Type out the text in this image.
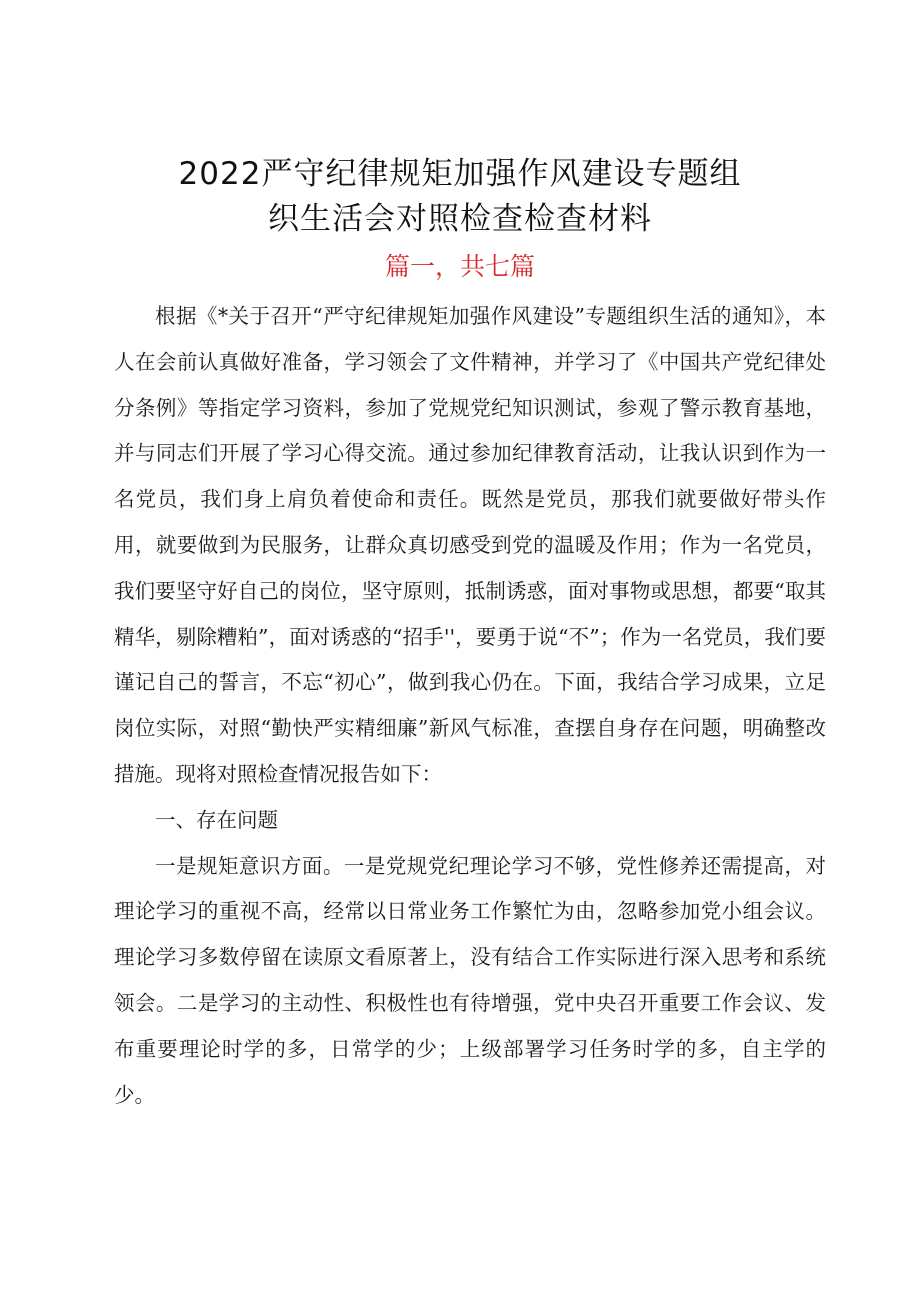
2022严守纪律规矩加强作风建设专题组
织生活会对照检查检查材料
篇一，共七篇

根据《*关于召开“严守纪律规矩加强作风建设”专题组织生活的通知》，本人在会前认真做好准备，学习领会了文件精神，并学习了《中国共产党纪律处分条例》等指定学习资料，参加了党规党纪知识测试，参观了警示教育基地，并与同志们开展了学习心得交流。通过参加纪律教育活动，让我认识到作为一名党员，我们身上肩负着使命和责任。既然是党员，那我们就要做好带头作用，就要做到为民服务，让群众真切感受到党的温暖及作用；作为一名党员，我们要坚守好自己的岗位，坚守原则，抵制诱惑，面对事物或思想，都要“取其精华，剔除糟粕”，面对诱惑的“招手''，要勇于说“不”；作为一名党员，我们要谨记自己的誓言，不忘“初心”，做到我心仍在。下面，我结合学习成果，立足岗位实际，对照“勤快严实精细廉”新风气标准，查摆自身存在问题，明确整改措施。现将对照检查情况报告如下：

一、存在问题

一是规矩意识方面。一是党规党纪理论学习不够，党性修养还需提高，对理论学习的重视不高，经常以日常业务工作繁忙为由，忽略参加党小组会议。理论学习多数停留在读原文看原著上，没有结合工作实际进行深入思考和系统领会。二是学习的主动性、积极性也有待增强，党中央召开重要工作会议、发布重要理论时学的多，日常学的少；上级部署学习任务时学的多，自主学的少。
